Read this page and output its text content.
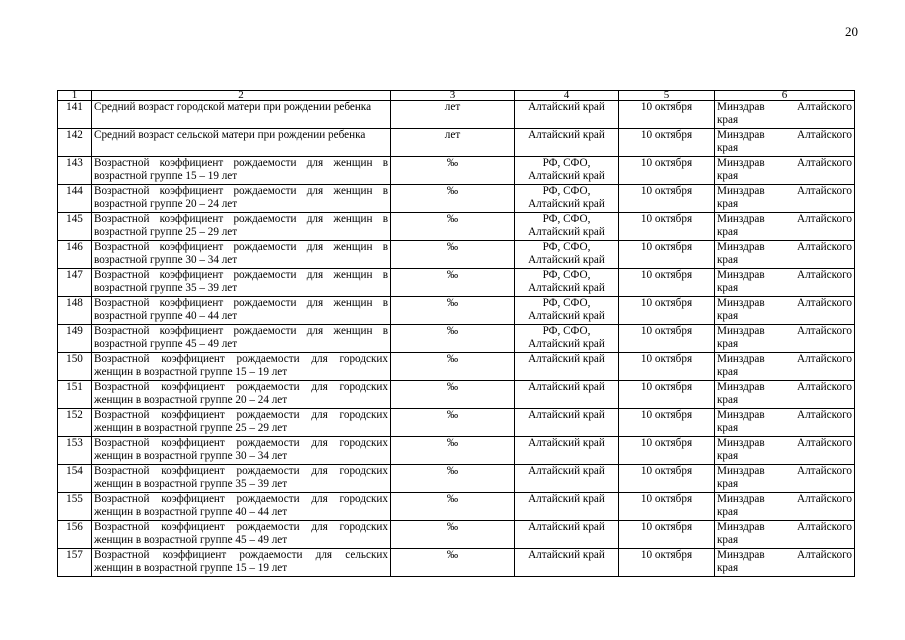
20
1	2	3	4	5	6
141	Средний возраст городской матери при рождении ребенка	лет	Алтайский край	10 октября	Минздрав Алтайского
края

142	Средний возраст сельской матери при рождении ребенка	лет	Алтайский край	10 октября	Минздрав Алтайского
края

143	Возрастной коэффициент рождаемости для женщин в возрастной группе 15 – 19 лет	‰	РФ, СФО, Алтайский край	10 октября	Минздрав Алтайского
края

144	Возрастной коэффициент рождаемости для женщин в возрастной группе 20 – 24 лет	‰	РФ, СФО, Алтайский край	10 октября	Минздрав Алтайского
края

145	Возрастной коэффициент рождаемости для женщин в возрастной группе 25 – 29 лет	‰	РФ, СФО, Алтайский край	10 октября	Минздрав Алтайского
края

146	Возрастной коэффициент рождаемости для женщин в возрастной группе 30 – 34 лет	‰	РФ, СФО, Алтайский край	10 октября	Минздрав Алтайского
края

147	Возрастной коэффициент рождаемости для женщин в возрастной группе 35 – 39 лет	‰	РФ, СФО, Алтайский край	10 октября	Минздрав Алтайского
края

148	Возрастной коэффициент рождаемости для женщин в возрастной группе 40 – 44 лет	‰	РФ, СФО, Алтайский край	10 октября	Минздрав Алтайского
края

149	Возрастной коэффициент рождаемости для женщин в возрастной группе 45 – 49 лет	‰	РФ, СФО, Алтайский край	10 октября	Минздрав Алтайского
края

150	Возрастной коэффициент рождаемости для городских женщин в возрастной группе 15 – 19 лет	‰	Алтайский край	10 октября	Минздрав Алтайского
края

151	Возрастной коэффициент рождаемости для городских женщин в возрастной группе 20 – 24 лет	‰	Алтайский край	10 октября	Минздрав Алтайского
края

152	Возрастной коэффициент рождаемости для городских женщин в возрастной группе 25 – 29 лет	‰	Алтайский край	10 октября	Минздрав Алтайского
края

153	Возрастной коэффициент рождаемости для городских женщин в возрастной группе 30 – 34 лет	‰	Алтайский край	10 октября	Минздрав Алтайского
края

154	Возрастной коэффициент рождаемости для городских женщин в возрастной группе 35 – 39 лет	‰	Алтайский край	10 октября	Минздрав Алтайского
края

155	Возрастной коэффициент рождаемости для городских женщин в возрастной группе 40 – 44 лет	‰	Алтайский край	10 октября	Минздрав Алтайского
края

156	Возрастной коэффициент рождаемости для городских женщин в возрастной группе 45 – 49 лет	‰	Алтайский край	10 октября	Минздрав Алтайского
края

157	Возрастной коэффициент рождаемости для сельских женщин в возрастной группе 15 – 19 лет	‰	Алтайский край	10 октября	Минздрав Алтайского
края
